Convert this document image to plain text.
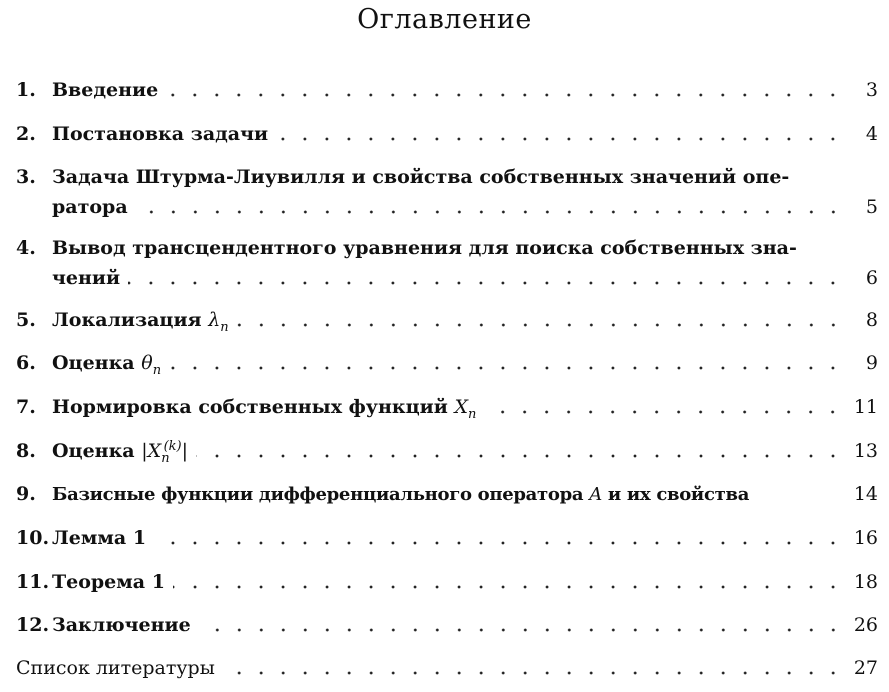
Оглавление
1. Введение	3
2. Постановка задачи	4
3. Задача Штурма-Лиувилля и свойства собственных значений опе-
ратора	5
4. Вывод трансцендентного уравнения для поиска собственных зна-
чений	6
5. Локализация $\lambda_n$	8
6. Оценка $\theta_n$	9
7. Нормировка собственных функций $X_n$	11
8. Оценка $|X_n^{(k)}|$	13
9. Базисные функции дифференциального оператора A и их свойства	14
10. Лемма 1	16
11. Теорема 1	18
12. Заключение	26
Список литературы	27
